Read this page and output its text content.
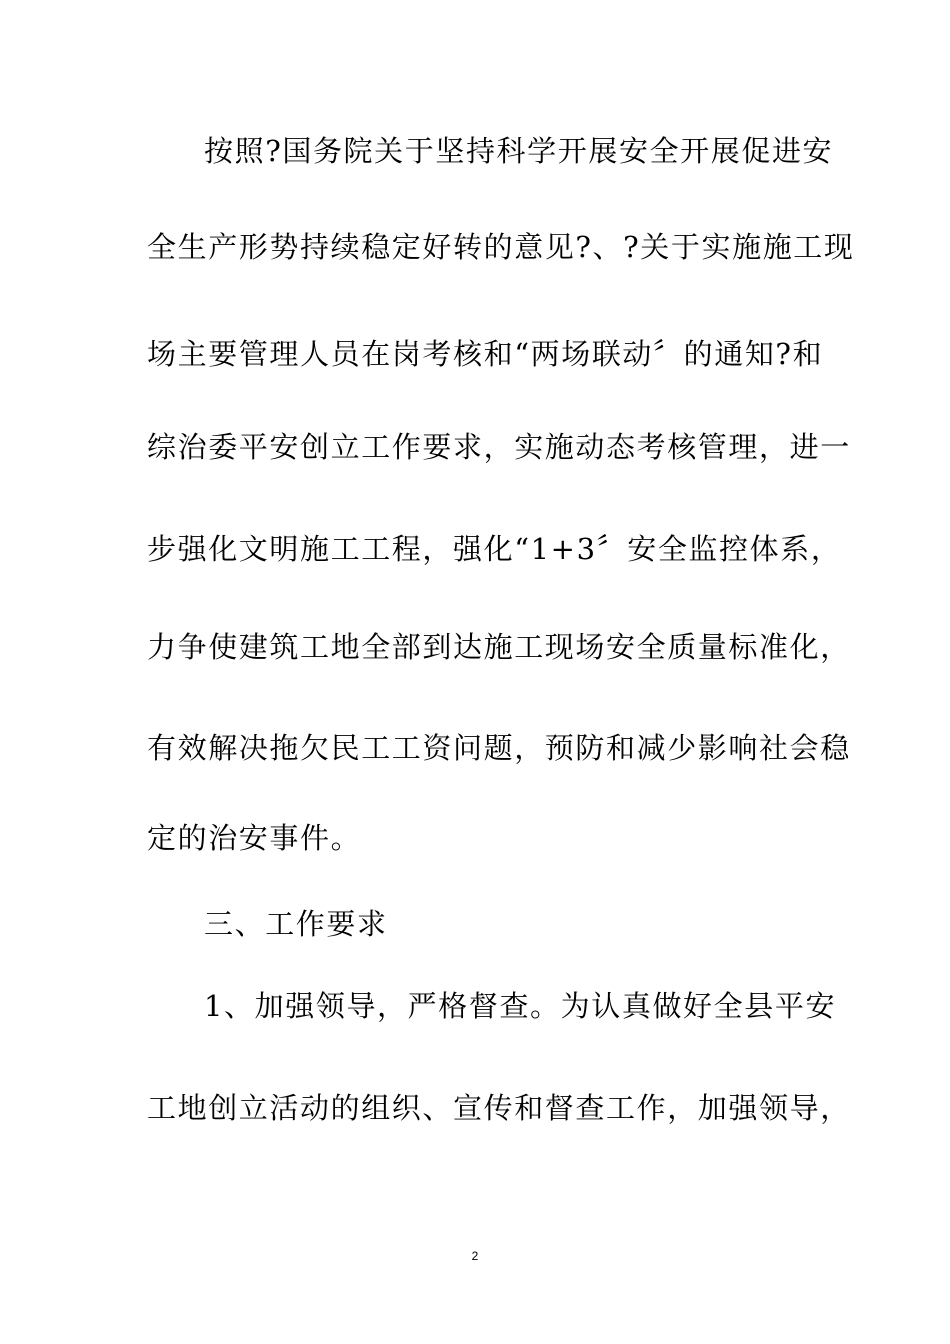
按照?国务院关于坚持科学开展安全开展促进安
全生产形势持续稳定好转的意见?、?关于实施施工现
场主要管理人员在岗考核和“两场联动〞的通知?和
综治委平安创立工作要求，实施动态考核管理，进一
步强化文明施工工程，强化“1+3〞安全监控体系，
力争使建筑工地全部到达施工现场安全质量标准化，
有效解决拖欠民工工资问题，预防和减少影响社会稳
定的治安事件。
三、工作要求
1、加强领导，严格督查。为认真做好全县平安
工地创立活动的组织、宣传和督查工作，加强领导，
2
